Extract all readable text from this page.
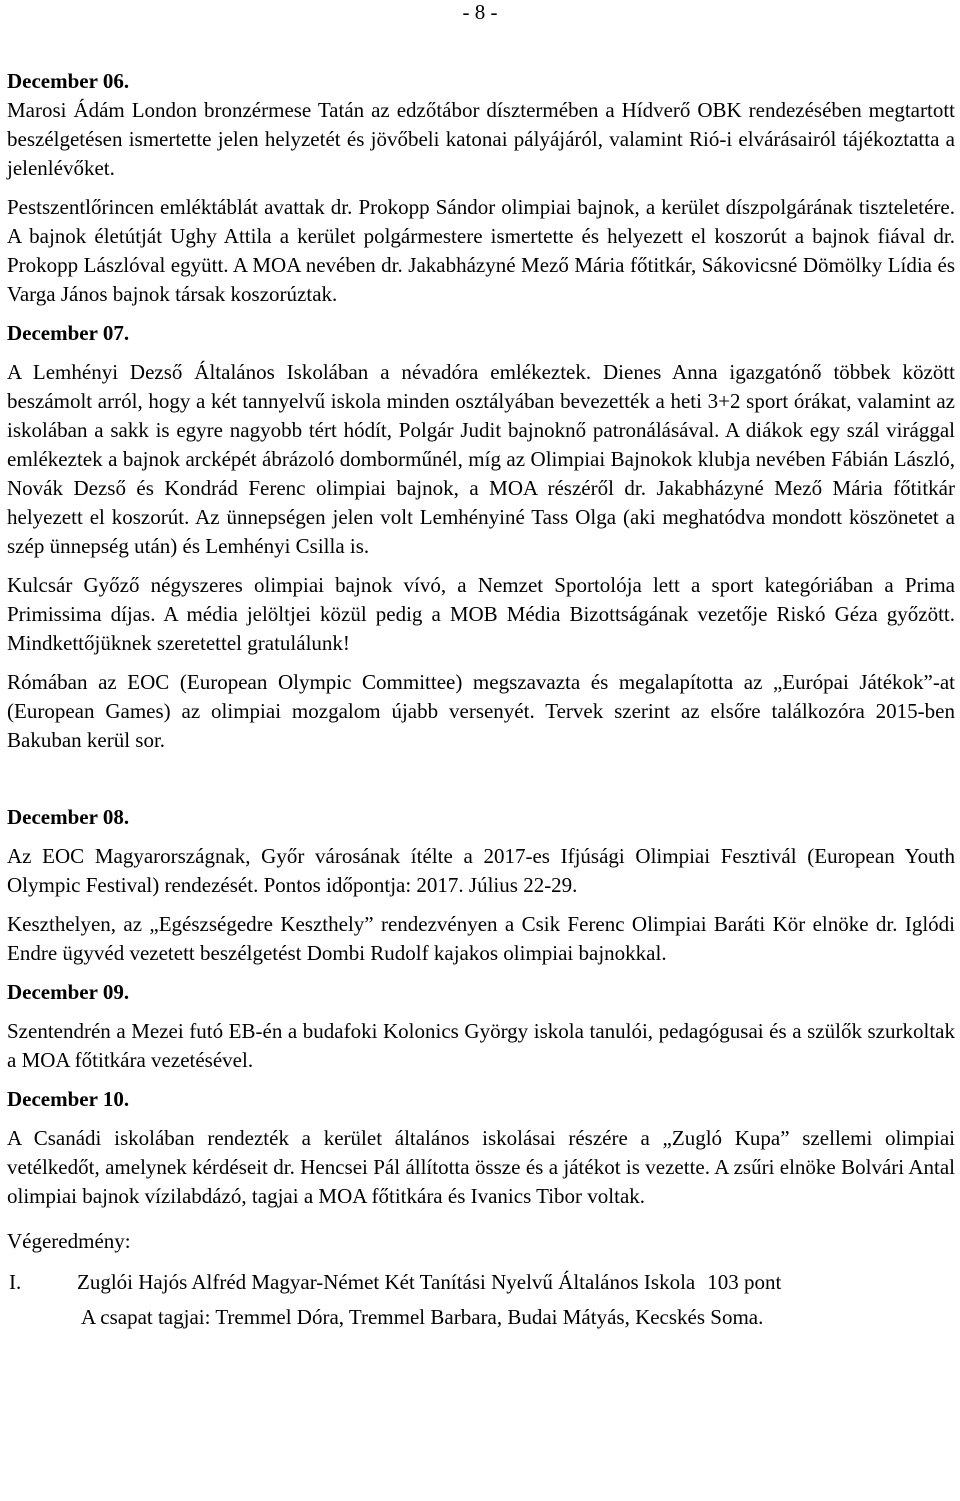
- 8 -

December 06.

Marosi Ádám London bronzérmese Tatán az edzőtábor dísztermében a Hídverő OBK rendezésében megtartott beszélgetésen ismertette jelen helyzetét és jövőbeli katonai pályájáról, valamint Rió-i elvárásairól tájékoztatta a jelenlévőket.

Pestszentlőrincen emléktáblát avattak dr. Prokopp Sándor olimpiai bajnok, a kerület díszpolgárának tiszteletére. A bajnok életútját Ughy Attila a kerület polgármestere ismertette és helyezett el koszorút a bajnok fiával dr. Prokopp Lászlóval együtt. A MOA nevében dr. Jakabházyné Mező Mária főtitkár, Sákovicsné Dömölky Lídia és Varga János bajnok társak koszorúztak.

December 07.

A Lemhényi Dezső Általános Iskolában a névadóra emlékeztek. Dienes Anna igazgatónő többek között beszámolt arról, hogy a két tannyelvű iskola minden osztályában bevezették a heti 3+2 sport órákat, valamint az iskolában a sakk is egyre nagyobb tért hódít, Polgár Judit bajnoknő patronálásával. A diákok egy szál virággal emlékeztek a bajnok arcképét ábrázoló domborműnél, míg az Olimpiai Bajnokok klubja nevében Fábián László, Novák Dezső és Kondrád Ferenc olimpiai bajnok, a MOA részéről dr. Jakabházyné Mező Mária főtitkár helyezett el koszorút. Az ünnepségen jelen volt Lemhényiné Tass Olga (aki meghatódva mondott köszönetet a szép ünnepség után) és Lemhényi Csilla is.

Kulcsár Győző négyszeres olimpiai bajnok vívó, a Nemzet Sportolója lett a sport kategóriában a Prima Primissima díjas. A média jelöltjei közül pedig a MOB Média Bizottságának vezetője Riskó Géza győzött. Mindkettőjüknek szeretettel gratulálunk!

Rómában az EOC (European Olympic Committee) megszavazta és megalapította az „Európai Játékok”-at (European Games) az olimpiai mozgalom újabb versenyét. Tervek szerint az elsőre találkozóra 2015-ben Bakuban kerül sor.

December 08.

Az EOC Magyarországnak, Győr városának ítélte a 2017-es Ifjúsági Olimpiai Fesztivál (European Youth Olympic Festival) rendezését. Pontos időpontja: 2017. Július 22-29.

Keszthelyen, az „Egészségedre Keszthely” rendezvényen a Csik Ferenc Olimpiai Baráti Kör elnöke dr. Iglódi Endre ügyvéd vezetett beszélgetést Dombi Rudolf kajakos olimpiai bajnokkal.

December 09.

Szentendrén a Mezei futó EB-én a budafoki Kolonics György iskola tanulói, pedagógusai és a szülők szurkoltak a MOA főtitkára vezetésével.

December 10.

A Csanádi iskolában rendezték a kerület általános iskolásai részére a „Zugló Kupa” szellemi olimpiai vetélkedőt, amelynek kérdéseit dr. Hencsei Pál állította össze és a játékot is vezette. A zsűri elnöke Bolvári Antal olimpiai bajnok vízilabdázó, tagjai a MOA főtitkára és Ivanics Tibor voltak.

Végeredmény:

I.	Zuglói Hajós Alfréd Magyar-Német Két Tanítási Nyelvű Általános Iskola 103 pont

A csapat tagjai: Tremmel Dóra, Tremmel Barbara, Budai Mátyás, Kecskés Soma.
